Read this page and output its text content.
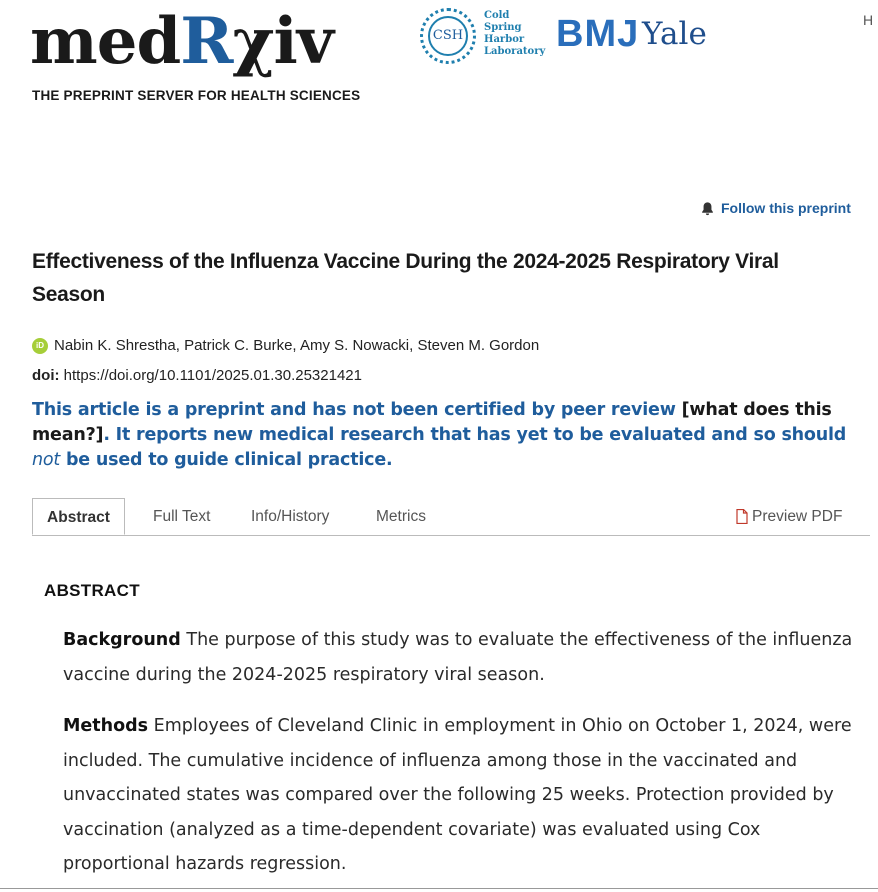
medRχiv
THE PREPRINT SERVER FOR HEALTH SCIENCES
CSH
Cold
Spring
Harbor
Laboratory BMJ Yale	H
Follow this preprint
Effectiveness of the Influenza Vaccine During the 2024-2025 Respiratory Viral Season
iD Nabin K. Shrestha, Patrick C. Burke, Amy S. Nowacki, Steven M. Gordon
doi: https://doi.org/10.1101/2025.01.30.25321421
This article is a preprint and has not been certified by peer review [what does this mean?]. It reports new medical research that has yet to be evaluated and so should not be used to guide clinical practice.
Abstract	Full Text	Info/History	Metrics	Preview PDF
ABSTRACT
Background The purpose of this study was to evaluate the effectiveness of the influenza vaccine during the 2024-2025 respiratory viral season.
Methods Employees of Cleveland Clinic in employment in Ohio on October 1, 2024, were included. The cumulative incidence of influenza among those in the vaccinated and unvaccinated states was compared over the following 25 weeks. Protection provided by vaccination (analyzed as a time-dependent covariate) was evaluated using Cox proportional hazards regression.
